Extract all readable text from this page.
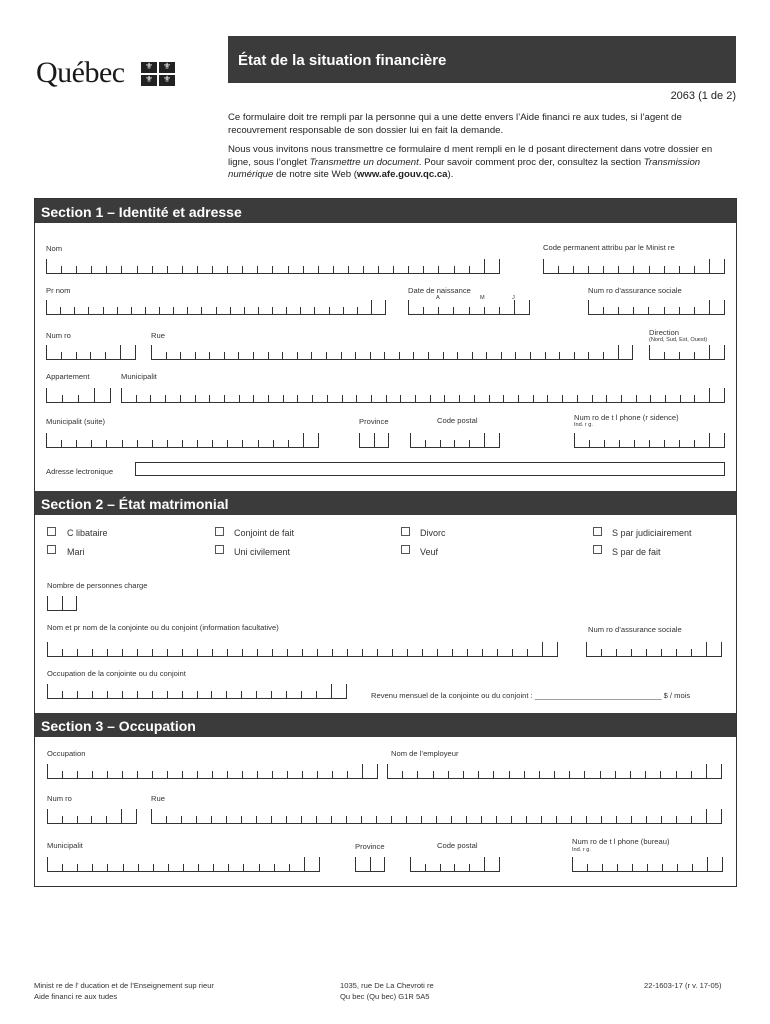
Québec	⚜	⚜
⚜	⚜
État de la situation financière
2063 (1 de 2)
Ce formulaire doit tre rempli par la personne qui a une dette envers l’Aide financi re aux tudes, si l’agent de recouvrement responsable de son dossier lui en fait la demande.
Nous vous invitons nous transmettre ce formulaire d ment rempli en le d posant directement dans votre dossier en ligne, sous l’onglet Transmettre un document. Pour savoir comment proc der, consultez la section Transmission numérique de notre site Web (www.afe.gouv.qc.ca).
Section 1 – Identité et adresse
Nom	Code permanent attribu par le Minist re
Pr nom	Date de naissance
A	M	J
Num ro d’assurance sociale
Num ro	Rue	Direction
(Nord, Sud, Est, Ouest)
Appartement	Municipalit
Municipalit (suite)	Province	Code postal	Num ro de t l phone (r sidence)
Ind. r g.
Adresse lectronique
Section 2 – État matrimonial
C libataire	Conjoint de fait	Divorc	S par judiciairement
Mari	Uni civilement	Veuf	S par de fait
Nombre de personnes charge
Nom et pr nom de la conjointe ou du conjoint (information facultative)	Num ro d’assurance sociale
Occupation de la conjointe ou du conjoint
Revenu mensuel de la conjointe ou du conjoint : ______________________________ $ / mois
Section 3 – Occupation
Occupation	Nom de l’employeur
Num ro	Rue
Municipalit	Province	Code postal	Num ro de t l phone (bureau)
Ind. r g.
Minist re de l’ ducation et de l’Enseignement sup rieur
Aide financi re aux tudes
1035, rue De La Chevroti re
Qu bec (Qu bec) G1R 5A5
22-1603-17 (r v. 17-05)
